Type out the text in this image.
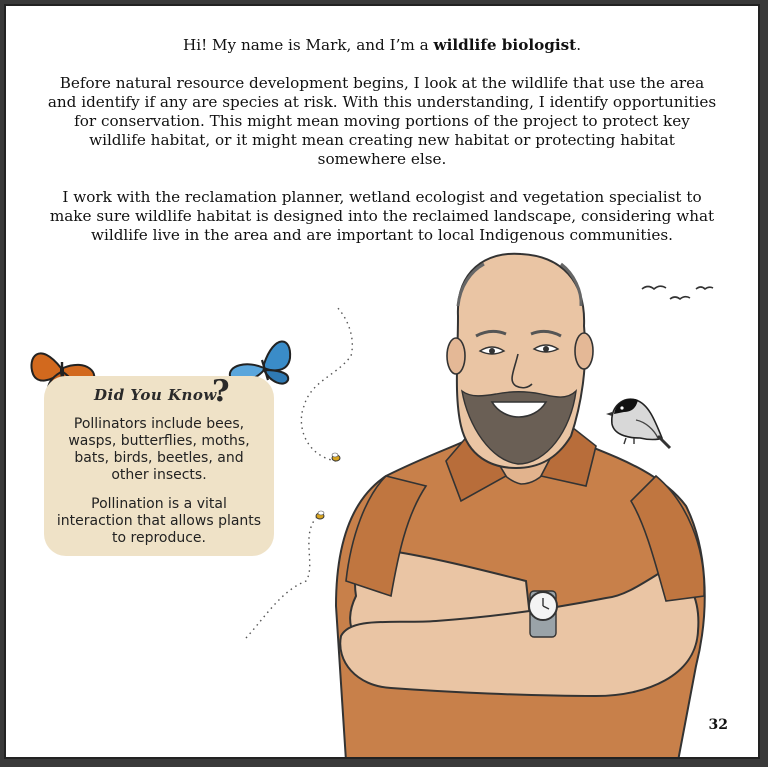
Hi! My name is Mark, and I’m a wildlife biologist.

Before natural resource development begins, I look at the wildlife that use the area and identify if any are species at risk. With this understanding, I identify opportunities for conservation. This might mean moving portions of the project to protect key wildlife habitat, or it might mean creating new habitat or protecting habitat somewhere else.

I work with the reclamation planner, wetland ecologist and vegetation specialist to make sure wildlife habitat is designed into the reclaimed landscape, considering what wildlife live in the area and are important to local Indigenous communities.

Did You Know
?
Pollinators include bees, wasps, butterflies, moths, bats, birds, beetles, and other insects.
Pollination is a vital interaction that allows plants to reproduce.
32
